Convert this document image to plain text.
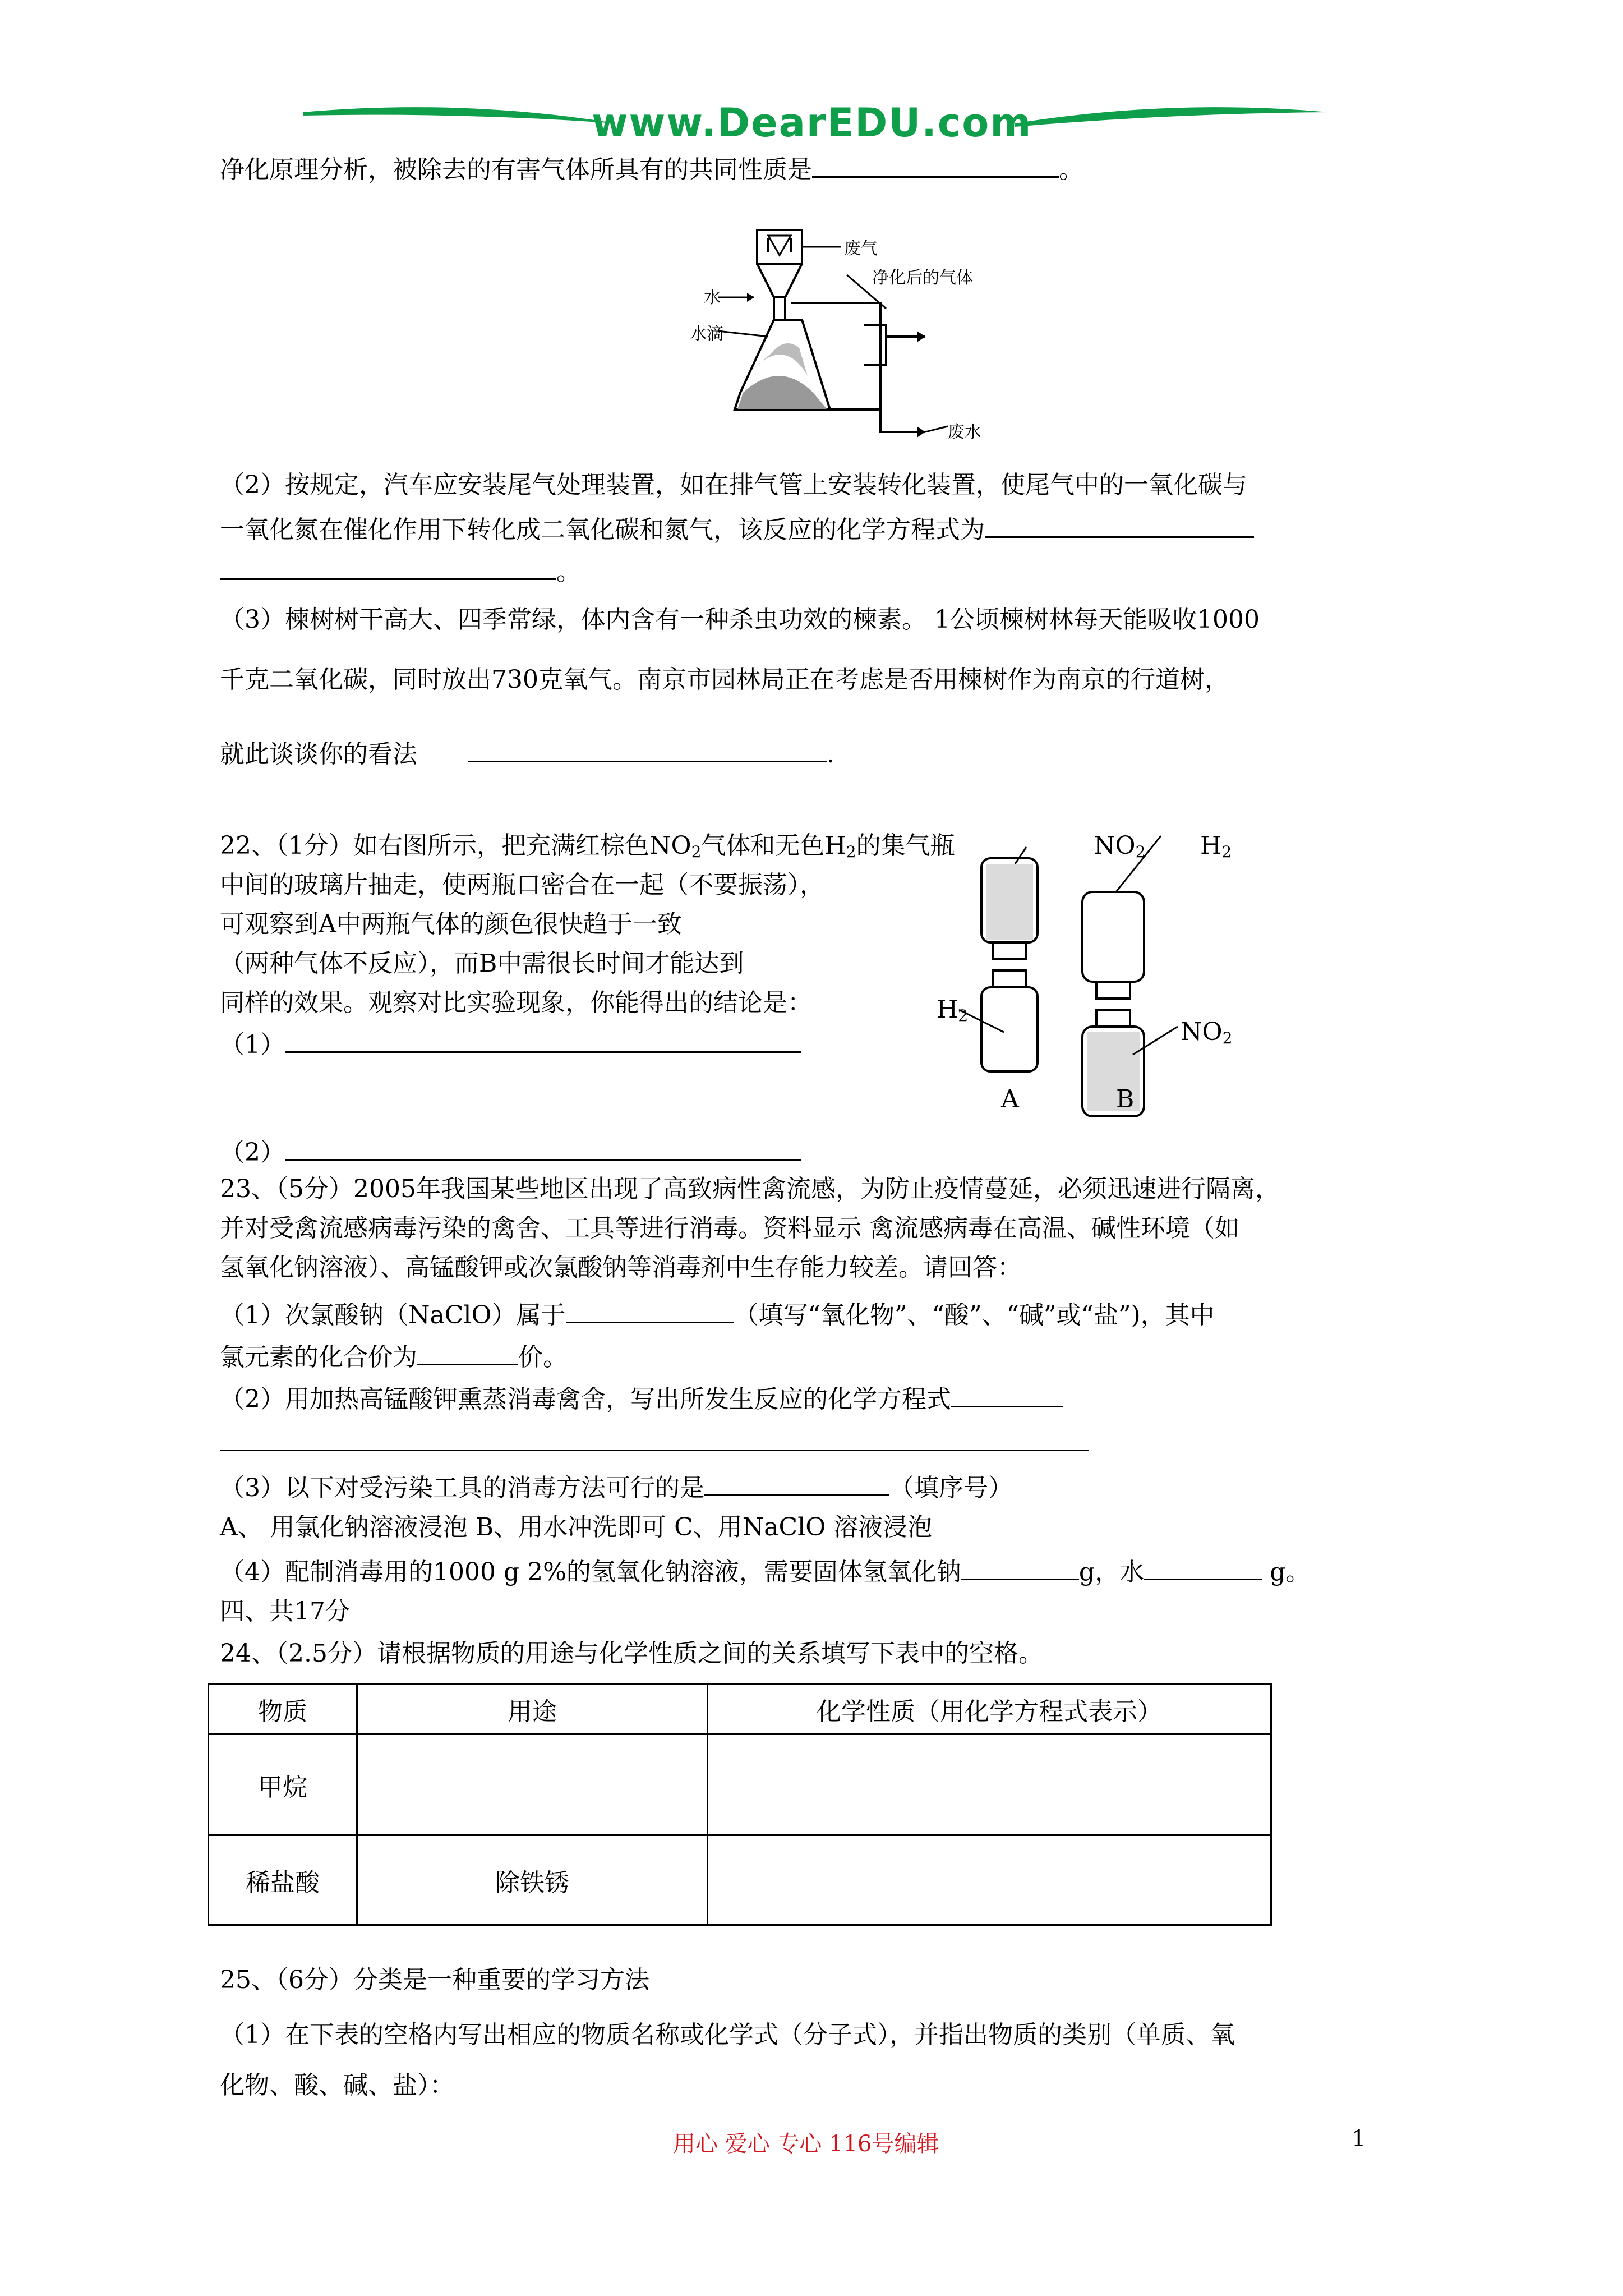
www.DearEDU.com
净化原理分析，被除去的有害气体所具有的共同性质是	。
废气
水
净化后的气体
水滴
废水
（2）按规定，汽车应安装尾气处理装置，如在排气管上安装转化装置，使尾气中的一氧化碳与
一氧化氮在催化作用下转化成二氧化碳和氮气，该反应的化学方程式为
。
（3）楝树树干高大、四季常绿，体内含有一种杀虫功效的楝素。 1公顷楝树林每天能吸收1000
千克二氧化碳，同时放出730克氧气。南京市园林局正在考虑是否用楝树作为南京的行道树，
就此谈谈你的看法	.
22、（1分）如右图所示，把充满红棕色$NO_2$气体和无色$H_2$的集气瓶
中间的玻璃片抽走，使两瓶口密合在一起（不要振荡），
可观察到A中两瓶气体的颜色很快趋于一致
（两种气体不反应），而B中需很长时间才能达到
同样的效果。观察对比实验现象，你能得出的结论是：
（1）
$NO_2$ $H_2$
$H_2$
$NO_2$
A	B
（2）
23、（5分）2005年我国某些地区出现了高致病性禽流感，为防止疫情蔓延，必须迅速进行隔离，
并对受禽流感病毒污染的禽舍、工具等进行消毒。资料显示 禽流感病毒在高温、碱性环境（如
氢氧化钠溶液）、高锰酸钾或次氯酸钠等消毒剂中生存能力较差。请回答：
（1）次氯酸钠（NaClO）属于	（填写“氧化物”、“酸”、“碱”或“盐”)，其中
氯元素的化合价为	价。
（2）用加热高锰酸钾熏蒸消毒禽舍，写出所发生反应的化学方程式
（3）以下对受污染工具的消毒方法可行的是	（填序号）
A、 用氯化钠溶液浸泡 B、用水冲洗即可 C、用NaClO 溶液浸泡
（4）配制消毒用的1000 g 2%的氢氧化钠溶液，需要固体氢氧化钠	g，水	g。
四、共17分
24、（2.5分）请根据物质的用途与化学性质之间的关系填写下表中的空格。
物质	用途	化学性质（用化学方程式表示）
甲烷		
稀盐酸	除铁锈	
25、（6分）分类是一种重要的学习方法
（1）在下表的空格内写出相应的物质名称或化学式（分子式），并指出物质的类别（单质、氧
化物、酸、碱、盐）：
用心 爱心 专心 116号编辑	1
